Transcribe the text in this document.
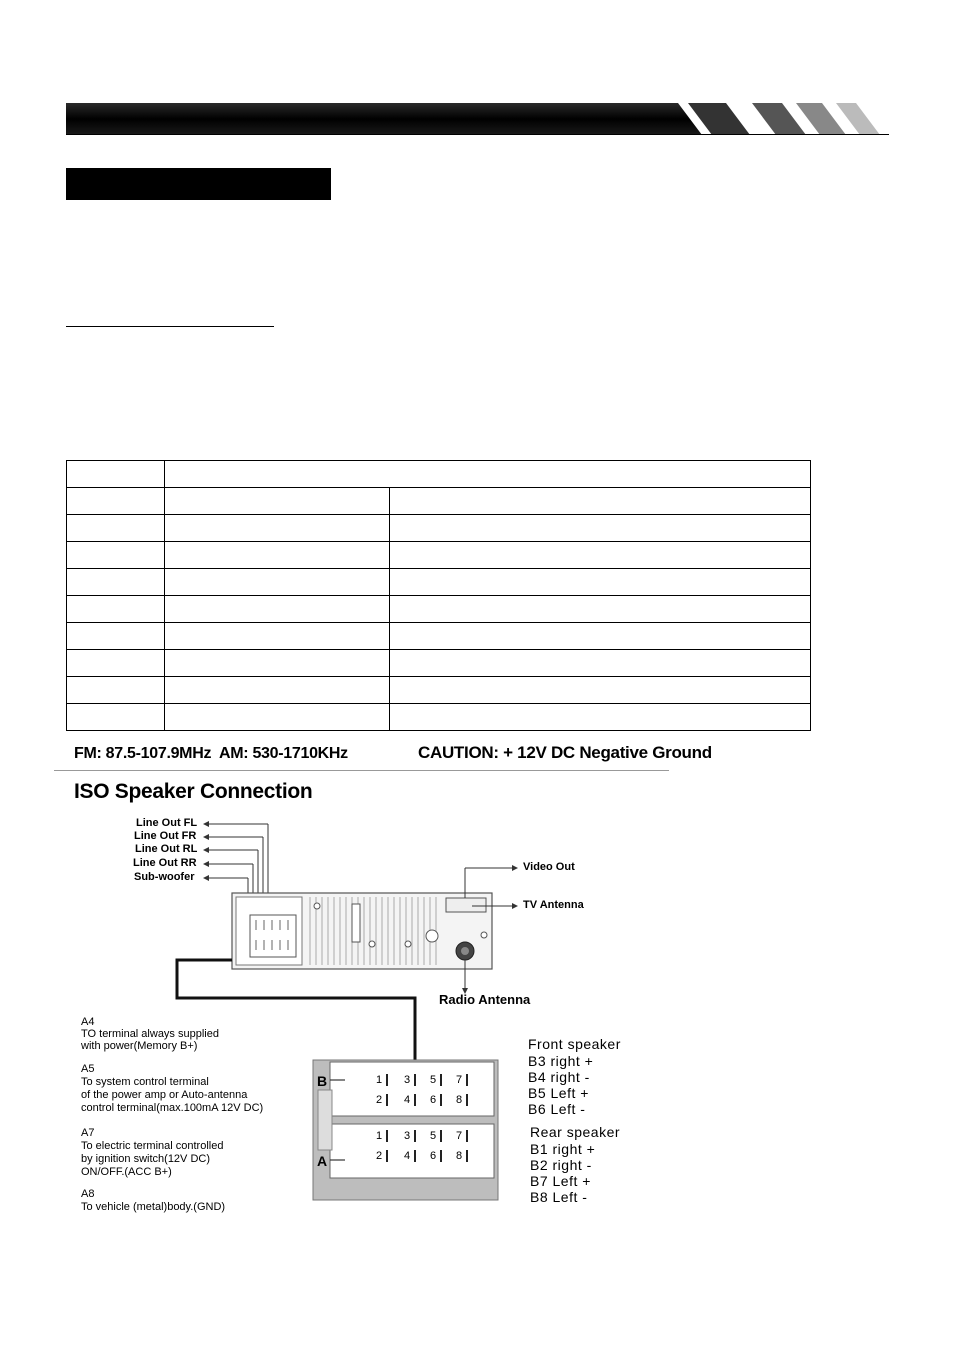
FM: 87.5-107.9MHz AM: 530-1710KHz	CAUTION: + 12V DC Negative Ground
ISO Speaker Connection
Line Out FL
Line Out FR
Line Out RL
Line Out RR
Sub-woofer
Video Out
TV Antenna
Radio Antenna
1 3 5 7
2 4 6 8
1 3 5 7
2 4 6 8
B
A
A4
TO terminal always supplied
with power(Memory B+)
A5
To system control terminal
of the power amp or Auto-antenna
control terminal(max.100mA 12V DC)
A7
To electric terminal controlled
by ignition switch(12V DC)
ON/OFF.(ACC B+)
A8
To vehicle (metal)body.(GND)
Front speaker
B3 right +
B4 right -
B5 Left +
B6 Left -
Rear speaker
B1 right +
B2 right -
B7 Left +
B8 Left -
